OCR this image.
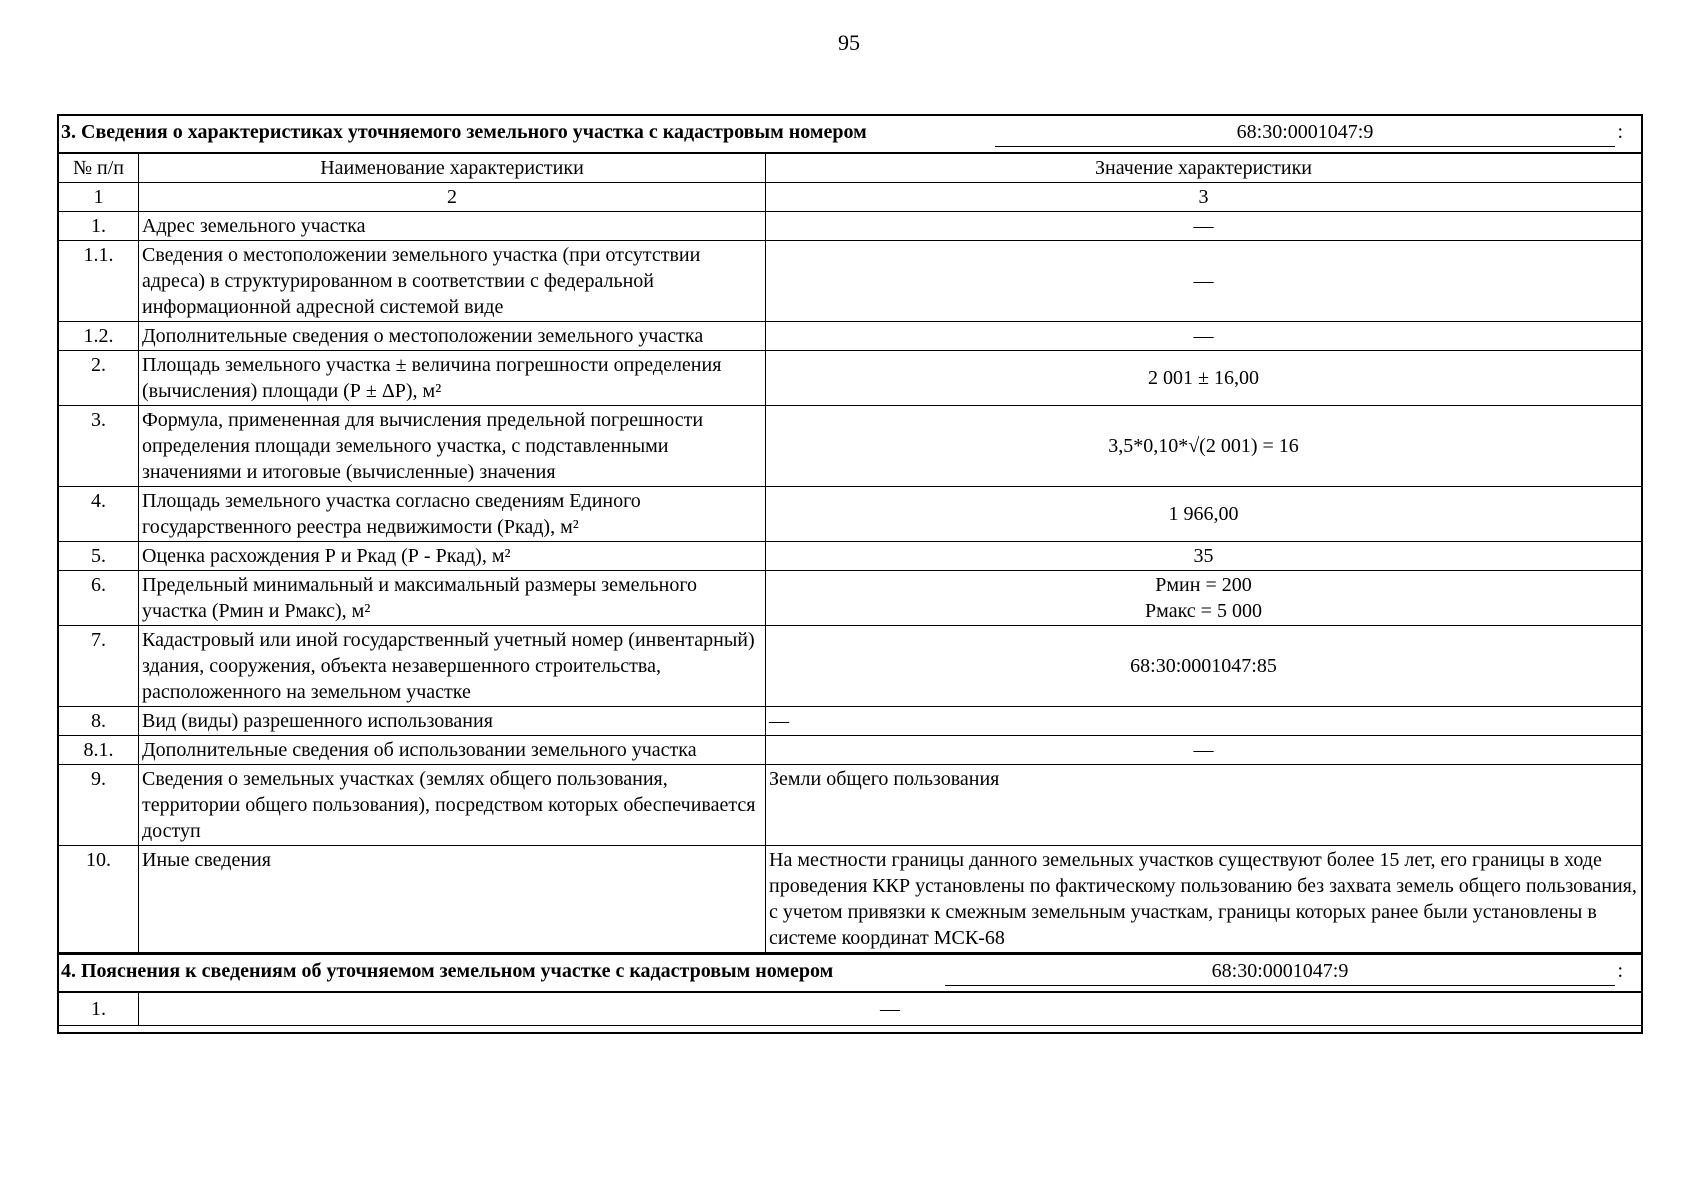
95
3. Сведения о характеристиках уточняемого земельного участка с кадастровым номером	68:30:0001047:9	:
№ п/п	Наименование характеристики	Значение характеристики
1	2	3
1.	Адрес земельного участка	—
1.1.	Сведения о местоположении земельного участка (при отсутствии адреса) в структурированном в соответствии с федеральной информационной адресной системой виде	—
1.2.	Дополнительные сведения о местоположении земельного участка	—
2.	Площадь земельного участка ± величина погрешности определения (вычисления) площади (Р ± ΔР), м²	2 001 ± 16,00
3.	Формула, примененная для вычисления предельной погрешности определения площади земельного участка, с подставленными значениями и итоговые (вычисленные) значения	3,5*0,10*√(2 001) = 16
4.	Площадь земельного участка согласно сведениям Единого государственного реестра недвижимости (Ркад), м²	1 966,00
5.	Оценка расхождения Р и Ркад (Р - Ркад), м²	35
6.	Предельный минимальный и максимальный размеры земельного участка (Рмин и Рмакс), м²	Рмин = 200
Рмакс = 5 000

7.	Кадастровый или иной государственный учетный номер (инвентарный) здания, сооружения, объекта незавершенного строительства, расположенного на земельном участке	68:30:0001047:85
8.	Вид (виды) разрешенного использования	—
8.1.	Дополнительные сведения об использовании земельного участка	—
9.	Сведения о земельных участках (землях общего пользования, территории общего пользования), посредством которых обеспечивается доступ	Земли общего пользования
10.	Иные сведения	На местности границы данного земельных участков существуют более 15 лет, его границы в ходе проведения ККР установлены по фактическому пользованию без захвата земель общего пользования, с учетом привязки к смежным земельным участкам, границы которых ранее были установлены в системе координат МСК-68
4. Пояснения к сведениям об уточняемом земельном участке с кадастровым номером	68:30:0001047:9	:
1.	—
